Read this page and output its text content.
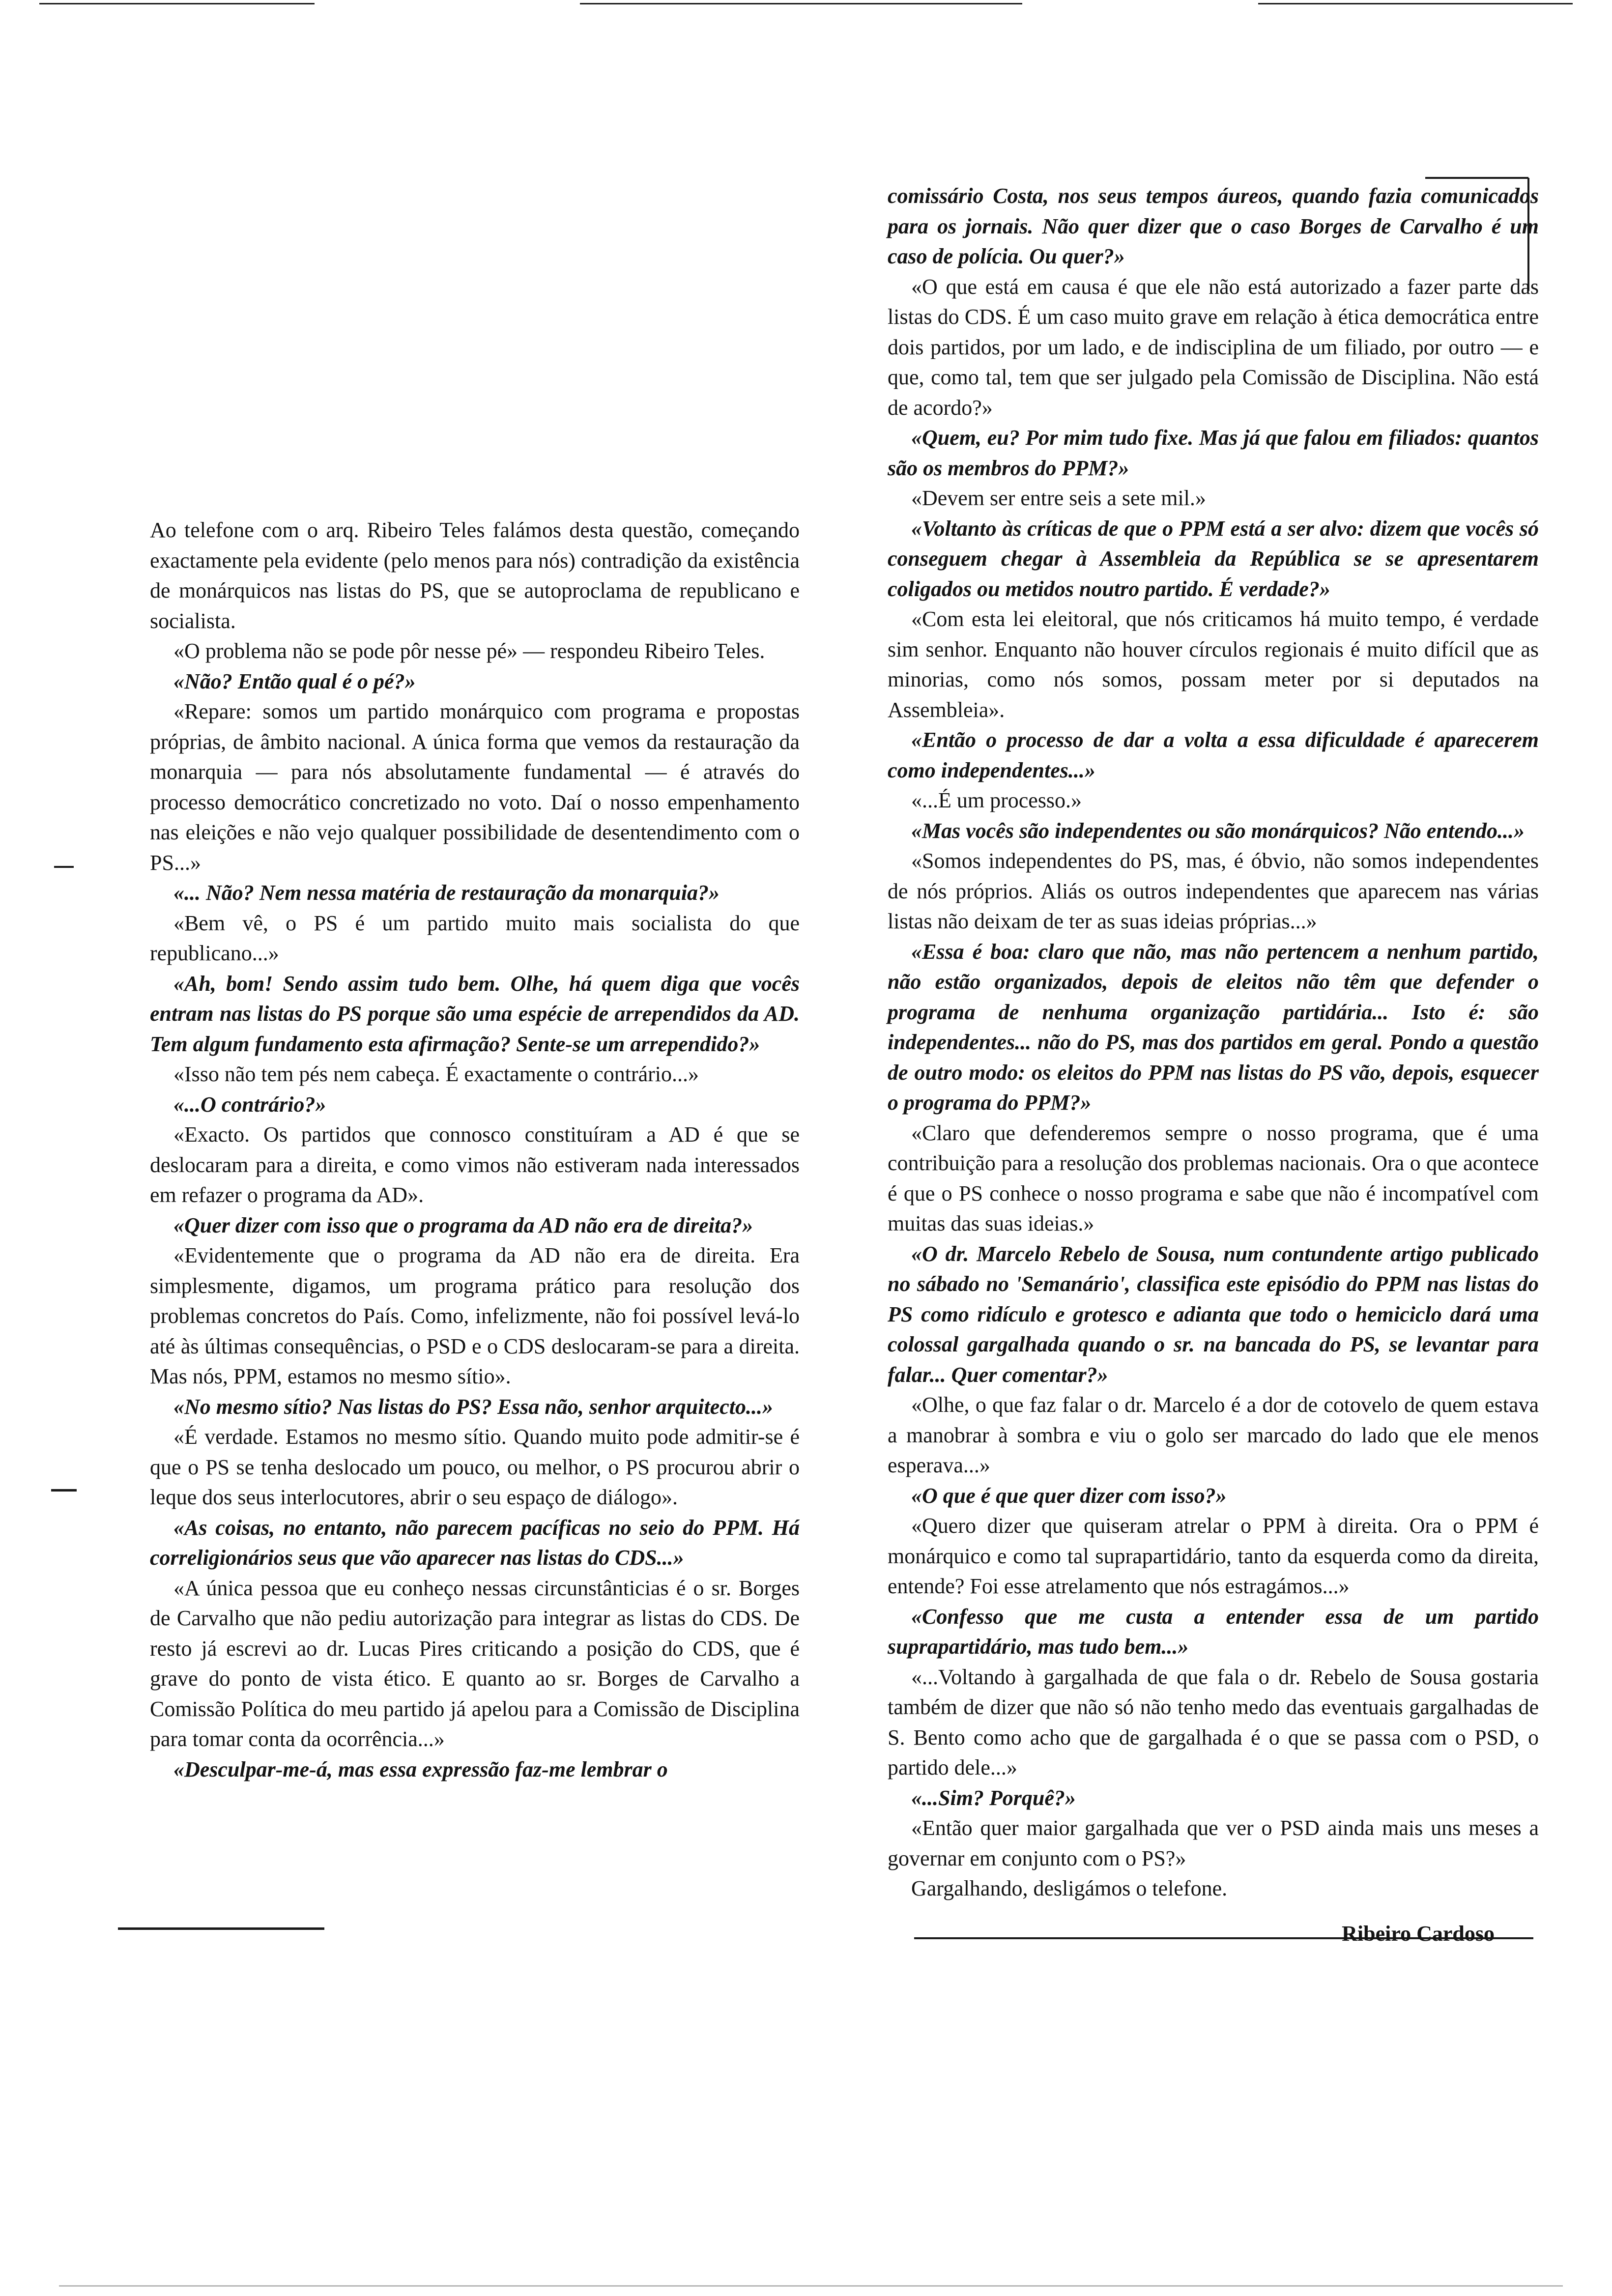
Ao telefone com o arq. Ribeiro Teles falámos desta questão, começando exactamente pela evidente (pelo menos para nós) contradição da existência de monárquicos nas listas do PS, que se autoproclama de republicano e socialista.

«O problema não se pode pôr nesse pé» — respondeu Ribeiro Teles.

«Não? Então qual é o pé?»

«Repare: somos um partido monárquico com programa e propostas próprias, de âmbito nacional. A única forma que vemos da restauração da monarquia — para nós absolutamente fundamental — é através do processo democrático concretizado no voto. Daí o nosso empenhamento nas eleições e não vejo qualquer possibilidade de desentendimento com o PS...»

«... Não? Nem nessa matéria de restauração da monarquia?»

«Bem vê, o PS é um partido muito mais socialista do que republicano...»

«Ah, bom! Sendo assim tudo bem. Olhe, há quem diga que vocês entram nas listas do PS porque são uma espécie de arrependidos da AD. Tem algum fundamento esta afirmação? Sente-se um arrependido?»

«Isso não tem pés nem cabeça. É exactamente o contrário...»

«...O contrário?»

«Exacto. Os partidos que connosco constituíram a AD é que se deslocaram para a direita, e como vimos não estiveram nada interessados em refazer o programa da AD».

«Quer dizer com isso que o programa da AD não era de direita?»

«Evidentemente que o programa da AD não era de direita. Era simplesmente, digamos, um programa prático para resolução dos problemas concretos do País. Como, infelizmente, não foi possível levá-lo até às últimas consequências, o PSD e o CDS deslocaram-se para a direita. Mas nós, PPM, estamos no mesmo sítio».

«No mesmo sítio? Nas listas do PS? Essa não, senhor arquitecto...»

«É verdade. Estamos no mesmo sítio. Quando muito pode admitir-se é que o PS se tenha deslocado um pouco, ou melhor, o PS procurou abrir o leque dos seus interlocutores, abrir o seu espaço de diálogo».

«As coisas, no entanto, não parecem pacíficas no seio do PPM. Há correligionários seus que vão aparecer nas listas do CDS...»

«A única pessoa que eu conheço nessas circunstânticias é o sr. Borges de Carvalho que não pediu autorização para integrar as listas do CDS. De resto já escrevi ao dr. Lucas Pires criticando a posição do CDS, que é grave do ponto de vista ético. E quanto ao sr. Borges de Carvalho a Comissão Política do meu partido já apelou para a Comissão de Disciplina para tomar conta da ocorrência...»

«Desculpar-me-á, mas essa expressão faz-me lembrar o

comissário Costa, nos seus tempos áureos, quando fazia comunicados para os jornais. Não quer dizer que o caso Borges de Carvalho é um caso de polícia. Ou quer?»

«O que está em causa é que ele não está autorizado a fazer parte das listas do CDS. É um caso muito grave em relação à ética democrática entre dois partidos, por um lado, e de indisciplina de um filiado, por outro — e que, como tal, tem que ser julgado pela Comissão de Disciplina. Não está de acordo?»

«Quem, eu? Por mim tudo fixe. Mas já que falou em filiados: quantos são os membros do PPM?»

«Devem ser entre seis a sete mil.»

«Voltanto às críticas de que o PPM está a ser alvo: dizem que vocês só conseguem chegar à Assembleia da República se se apresentarem coligados ou metidos noutro partido. É verdade?»

«Com esta lei eleitoral, que nós criticamos há muito tempo, é verdade sim senhor. Enquanto não houver círculos regionais é muito difícil que as minorias, como nós somos, possam meter por si deputados na Assembleia».

«Então o processo de dar a volta a essa dificuldade é aparecerem como independentes...»

«...É um processo.»

«Mas vocês são independentes ou são monárquicos? Não entendo...»

«Somos independentes do PS, mas, é óbvio, não somos independentes de nós próprios. Aliás os outros independentes que aparecem nas várias listas não deixam de ter as suas ideias próprias...»

«Essa é boa: claro que não, mas não pertencem a nenhum partido, não estão organizados, depois de eleitos não têm que defender o programa de nenhuma organização partidária... Isto é: são independentes... não do PS, mas dos partidos em geral. Pondo a questão de outro modo: os eleitos do PPM nas listas do PS vão, depois, esquecer o programa do PPM?»

«Claro que defenderemos sempre o nosso programa, que é uma contribuição para a resolução dos problemas nacionais. Ora o que acontece é que o PS conhece o nosso programa e sabe que não é incompatível com muitas das suas ideias.»

«O dr. Marcelo Rebelo de Sousa, num contundente artigo publicado no sábado no 'Semanário', classifica este episódio do PPM nas listas do PS como ridículo e grotesco e adianta que todo o hemiciclo dará uma colossal gargalhada quando o sr. na bancada do PS, se levantar para falar... Quer comentar?»

«Olhe, o que faz falar o dr. Marcelo é a dor de cotovelo de quem estava a manobrar à sombra e viu o golo ser marcado do lado que ele menos esperava...»

«O que é que quer dizer com isso?»

«Quero dizer que quiseram atrelar o PPM à direita. Ora o PPM é monárquico e como tal suprapartidário, tanto da esquerda como da direita, entende? Foi esse atrelamento que nós estragámos...»

«Confesso que me custa a entender essa de um partido suprapartidário, mas tudo bem...»

«...Voltando à gargalhada de que fala o dr. Rebelo de Sousa gostaria também de dizer que não só não tenho medo das eventuais gargalhadas de S. Bento como acho que de gargalhada é o que se passa com o PSD, o partido dele...»

«...Sim? Porquê?»

«Então quer maior gargalhada que ver o PSD ainda mais uns meses a governar em conjunto com o PS?»

Gargalhando, desligámos o telefone.

Ribeiro Cardoso
